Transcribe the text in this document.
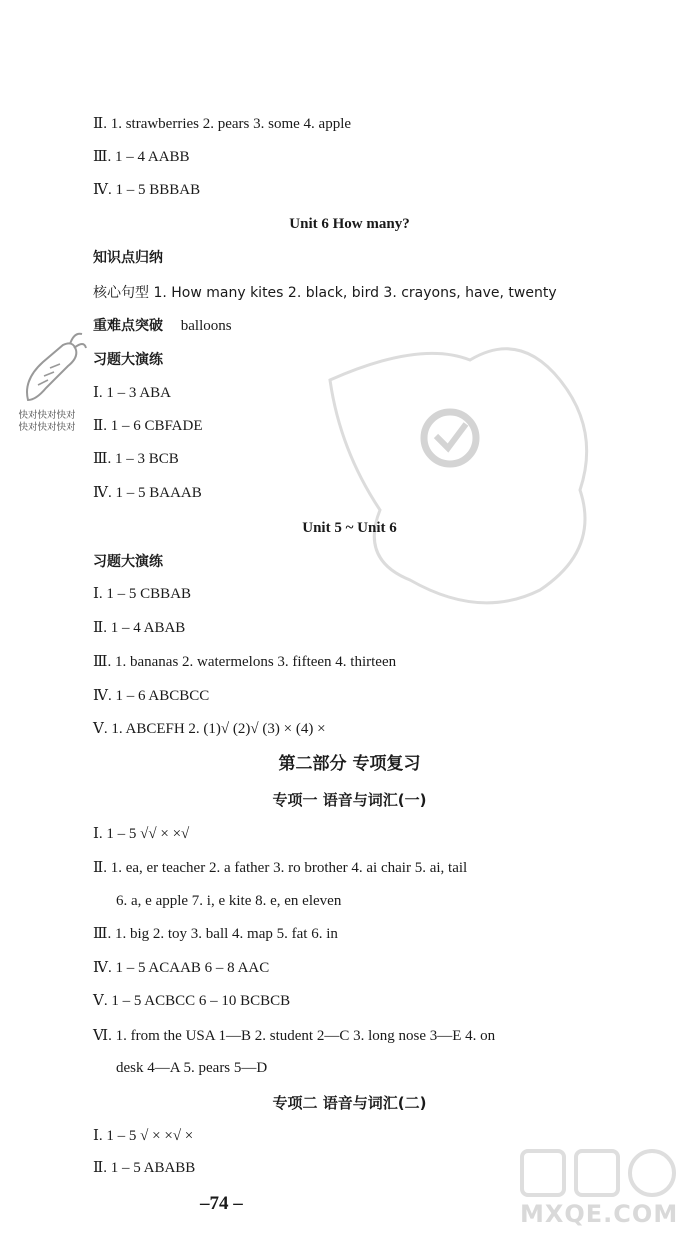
快对快对快对
快对快对快对
Ⅱ. 1. strawberries 2. pears 3. some 4. apple
Ⅲ. 1 – 4 AABB
Ⅳ. 1 – 5 BBBAB
Unit 6 How many?
知识点归纳
核心句型 1. How many kites 2. black, bird 3. crayons, have, twenty
重难点突破 balloons
习题大演练
Ⅰ. 1 – 3 ABA
Ⅱ. 1 – 6 CBFADE
Ⅲ. 1 – 3 BCB
Ⅳ. 1 – 5 BAAAB
Unit 5 ~ Unit 6
习题大演练
Ⅰ. 1 – 5 CBBAB
Ⅱ. 1 – 4 ABAB
Ⅲ. 1. bananas 2. watermelons 3. fifteen 4. thirteen
Ⅳ. 1 – 6 ABCBCC
Ⅴ. 1. ABCEFH 2. (1)√ (2)√ (3) × (4) ×
第二部分 专项复习
专项一 语音与词汇(一)
Ⅰ. 1 – 5 √√ × ×√
Ⅱ. 1. ea, er teacher 2. a father 3. ro brother 4. ai chair 5. ai, tail
6. a, e apple 7. i, e kite 8. e, en eleven
Ⅲ. 1. big 2. toy 3. ball 4. map 5. fat 6. in
Ⅳ. 1 – 5 ACAAB 6 – 8 AAC
Ⅴ. 1 – 5 ACBCC 6 – 10 BCBCB
Ⅵ. 1. from the USA 1—B 2. student 2—C 3. long nose 3—E 4. on
desk 4—A 5. pears 5—D
专项二 语音与词汇(二)
Ⅰ. 1 – 5 √ × ×√ ×
Ⅱ. 1 – 5 ABABB
–74 –	MXQE.COM
